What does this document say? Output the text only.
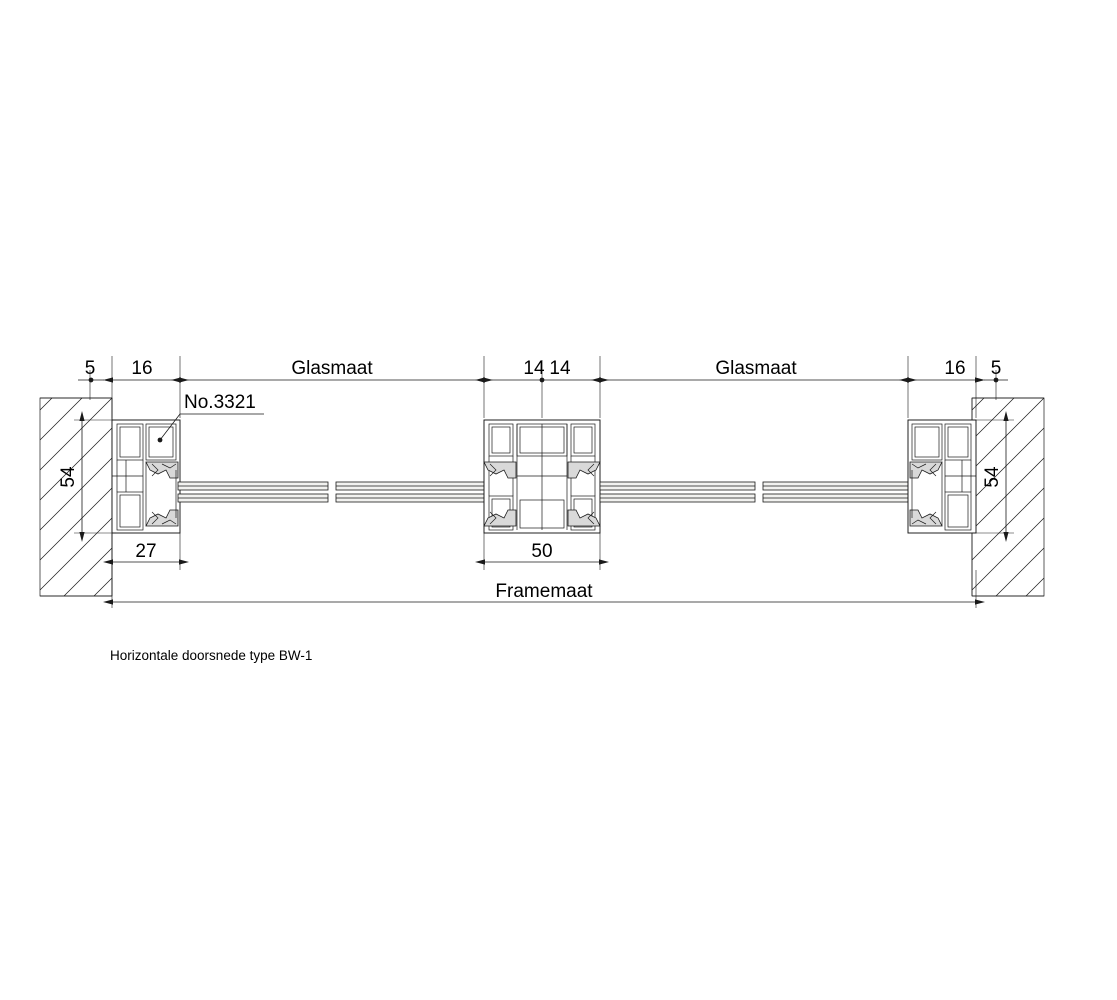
5 16	Glasmaat	14 14	Glasmaat	16 5
No.3321
54	54
27	50
Framemaat
Horizontale doorsnede type BW-1
